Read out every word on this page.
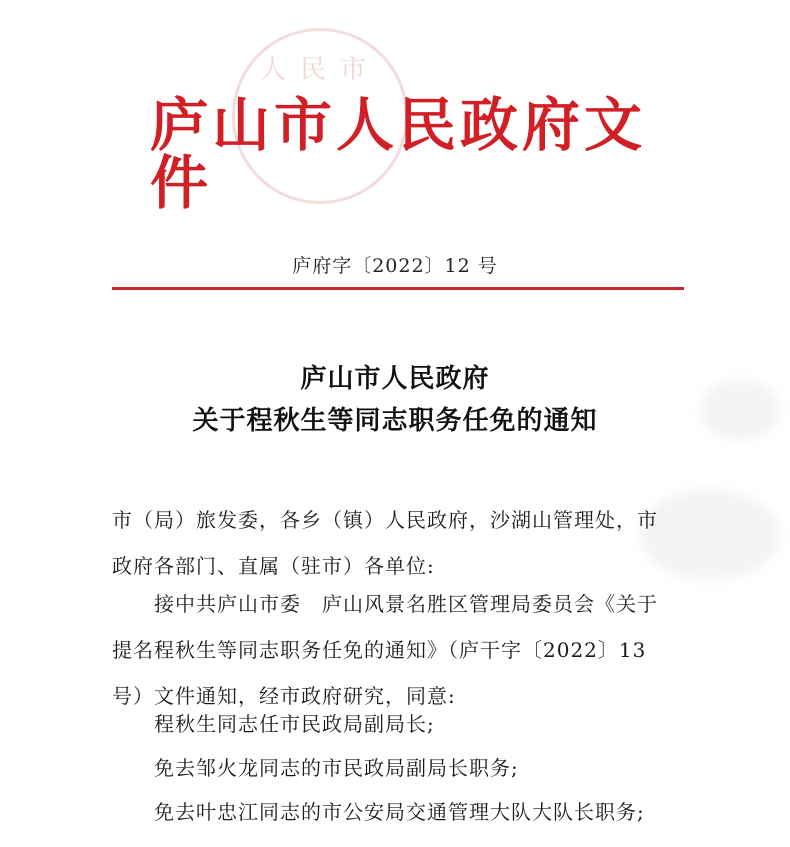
人民市
庐山市人民政府文件
庐府字〔2022〕12 号
庐山市人民政府
关于程秋生等同志职务任免的通知
市（局）旅发委，各乡（镇）人民政府，沙湖山管理处，市政府各部门、直属（驻市）各单位:
接中共庐山市委　庐山风景名胜区管理局委员会《关于提名程秋生等同志职务任免的通知》（庐干字〔2022〕13 号）文件通知，经市政府研究，同意:
程秋生同志任市民政局副局长;
免去邹火龙同志的市民政局副局长职务;
免去叶忠江同志的市公安局交通管理大队大队长职务;
